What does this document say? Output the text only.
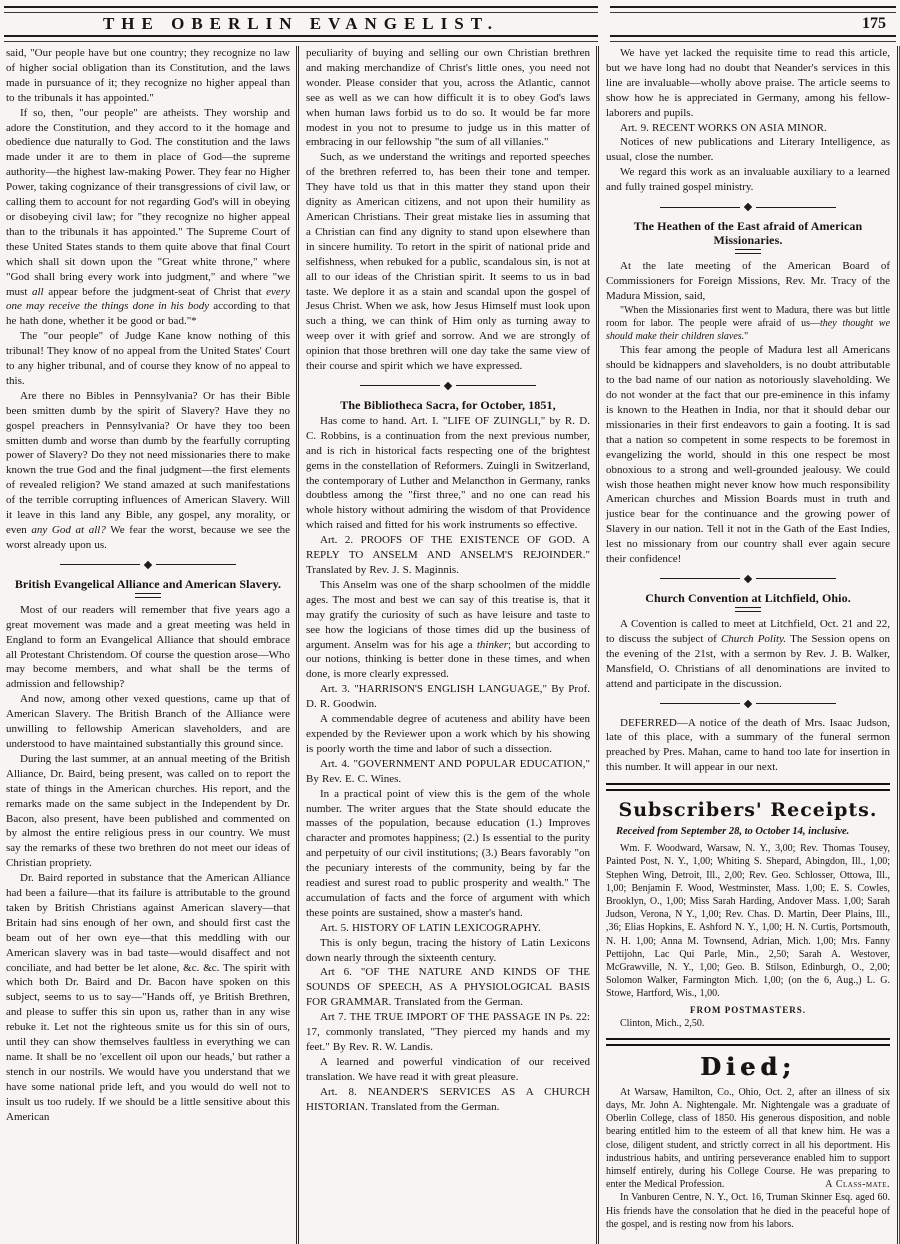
THE OBERLIN EVANGELIST.	175

said, "Our people have but one country; they recognize no law of higher social obligation than its Constitution, and the laws made in pursuance of it; they recognize no higher appeal than to the tribunals it has appointed."

If so, then, "our people" are atheists. They worship and adore the Constitution, and they accord to it the homage and obedience due naturally to God. The constitution and the laws made under it are to them in place of God—the supreme authority—the highest law-making Power. They fear no Higher Power, taking cognizance of their transgressions of civil law, or calling them to account for not regarding God's will in obeying or disobeying civil law; for "they recognize no higher appeal than to the tribunals it has appointed." The Supreme Court of these United States stands to them quite above that final Court which shall sit down upon the "Great white throne," where "God shall bring every work into judgment," and where "we must all appear before the judgment-seat of Christ that every one may receive the things done in his body according to that he hath done, whether it be good or bad."*

The "our people" of Judge Kane know nothing of this tribunal! They know of no appeal from the United States' Court to any higher tribunal, and of course they know of no appeal to this.

Are there no Bibles in Pennsylvania? Or has their Bible been smitten dumb by the spirit of Slavery? Have they no gospel preachers in Pennsylvania? Or have they too been smitten dumb and worse than dumb by the fearfully corrupting power of Slavery? Do they not need missionaries there to make known the true God and the final judgment—the first elements of revealed religion? We stand amazed at such manifestations of the terrible corrupting influences of American Slavery. Will it leave in this land any Bible, any gospel, any morality, or even any God at all? We fear the worst, because we see the worst already upon us.

British Evangelical Alliance and American Slavery.

Most of our readers will remember that five years ago a great movement was made and a great meeting was held in England to form an Evangelical Alliance that should embrace all Protestant Christendom. Of course the question arose—Who may become members, and what shall be the terms of admission and fellowship?

And now, among other vexed questions, came up that of American Slavery. The British Branch of the Alliance were unwilling to fellowship American slaveholders, and are understood to have maintained substantially this ground since.

During the last summer, at an annual meeting of the British Alliance, Dr. Baird, being present, was called on to report the state of things in the American churches. His report, and the remarks made on the same subject in the Independent by Dr. Bacon, also present, have been published and commented on by almost the entire religious press in our country. We must say the remarks of these two brethren do not meet our ideas of Christian propriety.

Dr. Baird reported in substance that the American Alliance had been a failure—that its failure is attributable to the ground taken by British Christians against American slavery—that Britain had sins enough of her own, and should first cast the beam out of her own eye—that this meddling with our American slavery was in bad taste—would disaffect and not conciliate, and had better be let alone, &c. &c. The spirit with which both Dr. Baird and Dr. Bacon have spoken on this subject, seems to us to say—"Hands off, ye British Brethren, and please to suffer this sin upon us, rather than in any wise rebuke it. Let not the righteous smite us for this sin of ours, until they can show themselves faultless in everything we can name. It shall be no 'excellent oil upon our heads,' but rather a stench in our nostrils. We would have you understand that we have some national pride left, and you would do well not to insult us too rudely. If we should be a little sensitive about this American

peculiarity of buying and selling our own Christian brethren and making merchandize of Christ's little ones, you need not wonder. Please consider that you, across the Atlantic, cannot see as well as we can how difficult it is to obey God's laws when human laws forbid us to do so. It would be far more modest in you not to presume to judge us in this matter of embracing in our fellowship "the sum of all villanies."

Such, as we understand the writings and reported speeches of the brethren referred to, has been their tone and temper. They have told us that in this matter they stand upon their dignity as American citizens, and not upon their humility as American Christians. Their great mistake lies in assuming that a Christian can find any dignity to stand upon elsewhere than in sincere humility. To retort in the spirit of national pride and selfishness, when rebuked for a public, scandalous sin, is not at all to our ideas of the Christian spirit. It seems to us in bad taste. We deplore it as a stain and scandal upon the gospel of Jesus Christ. When we ask, how Jesus Himself must look upon such a thing, we can think of Him only as turning away to weep over it with grief and sorrow. And we are strongly of opinion that those brethren will one day take the same view of their course and spirit which we have expressed.

The Bibliotheca Sacra, for October, 1851,

Has come to hand. Art. I. "LIFE OF ZUINGLI," by R. D. C. Robbins, is a continuation from the next previous number, and is rich in historical facts respecting one of the brightest gems in the constellation of Reformers. Zuingli in Switzerland, the contemporary of Luther and Melancthon in Germany, ranks doubtless among the "first three," and no one can read his whole history without admiring the wisdom of that Providence which raised and fitted for his work instruments so effective.

Art. 2. PROOFS OF THE EXISTENCE OF GOD. A REPLY TO ANSELM AND ANSELM'S REJOINDER." Translated by Rev. J. S. Maginnis.

This Anselm was one of the sharp schoolmen of the middle ages. The most and best we can say of this treatise is, that it may gratify the curiosity of such as have leisure and taste to see how the logicians of those times did up the business of argument. Anselm was for his age a thinker; but according to our notions, thinking is better done in these times, and when done, is more clearly expressed.

Art. 3. "HARRISON'S ENGLISH LANGUAGE," By Prof. D. R. Goodwin.

A commendable degree of acuteness and ability have been expended by the Reviewer upon a work which by his showing is poorly worth the time and labor of such a dissection.

Art. 4. "GOVERNMENT AND POPULAR EDUCATION," By Rev. E. C. Wines.

In a practical point of view this is the gem of the whole number. The writer argues that the State should educate the masses of the population, because education (1.) Improves character and promotes happiness; (2.) Is essential to the purity and perpetuity of our civil institutions; (3.) Bears favorably "on the pecuniary interests of the community, being by far the readiest and surest road to public prosperity and wealth." The accumulation of facts and the force of argument with which these points are sustained, show a master's hand.

Art. 5. HISTORY OF LATIN LEXICOGRAPHY.

This is only begun, tracing the history of Latin Lexicons down nearly through the sixteenth century.

Art 6. "OF THE NATURE AND KINDS OF THE SOUNDS OF SPEECH, AS A PHYSIOLOGICAL BASIS FOR GRAMMAR. Translated from the German.

Art 7. THE TRUE IMPORT OF THE PASSAGE IN Ps. 22: 17, commonly translated, "They pierced my hands and my feet." By Rev. R. W. Landis.

A learned and powerful vindication of our received translation. We have read it with great pleasure.

Art. 8. NEANDER'S SERVICES AS A CHURCH HISTORIAN. Translated from the German.

We have yet lacked the requisite time to read this article, but we have long had no doubt that Neander's services in this line are invaluable—wholly above praise. The article seems to show how he is appreciated in Germany, among his fellow-laborers and pupils.

Art. 9. RECENT WORKS ON ASIA MINOR.

Notices of new publications and Literary Intelligence, as usual, close the number.

We regard this work as an invaluable auxiliary to a learned and fully trained gospel ministry.

The Heathen of the East afraid of American Missionaries.

At the late meeting of the American Board of Commissioners for Foreign Missions, Rev. Mr. Tracy of the Madura Mission, said,

"When the Missionaries first went to Madura, there was but little room for labor. The people were afraid of us—they thought we should make their children slaves."

This fear among the people of Madura lest all Americans should be kidnappers and slaveholders, is no doubt attributable to the bad name of our nation as notoriously slaveholding. We do not wonder at the fact that our pre-eminence in this infamy is known to the Heathen in India, nor that it should debar our missionaries in their first endeavors to gain a footing. It is sad that a nation so competent in some respects to be foremost in evangelizing the world, should in this one respect be most obnoxious to a strong and well-grounded jealousy. We could wish those heathen might never know how much responsibility American churches and Mission Boards must in truth and justice bear for the continuance and the growing power of Slavery in our nation. Tell it not in the Gath of the East Indies, lest no missionary from our country shall ever again secure their confidence!

Church Convention at Litchfield, Ohio.

A Covention is called to meet at Litchfield, Oct. 21 and 22, to discuss the subject of Church Polity. The Session opens on the evening of the 21st, with a sermon by Rev. J. B. Walker, Mansfield, O. Christians of all denominations are invited to attend and participate in the discussion.

DEFERRED—A notice of the death of Mrs. Isaac Judson, late of this place, with a summary of the funeral sermon preached by Pres. Mahan, came to hand too late for insertion in this number. It will appear in our next.

Subscribers' Receipts.

Received from September 28, to October 14, inclusive.

Wm. F. Woodward, Warsaw, N. Y., 3,00; Rev. Thomas Tousey, Painted Post, N. Y., 1,00; Whiting S. Shepard, Abingdon, Ill., 1,00; Stephen Wing, Detroit, Ill., 2,00; Rev. Geo. Schlosser, Ottowa, Ill., 1,00; Benjamin F. Wood, Westminster, Mass. 1,00; E. S. Cowles, Brooklyn, O., 1,00; Miss Sarah Harding, Andover Mass. 1,00; Sarah Judson, Verona, N Y., 1,00; Rev. Chas. D. Martin, Deer Plains, Ill., ,36; Elias Hopkins, E. Ashford N. Y., 1,00; H. N. Curtis, Portsmouth, N. H. 1,00; Anna M. Townsend, Adrian, Mich. 1,00; Mrs. Fanny Pettijohn, Lac Qui Parle, Min., 2,50; Sarah A. Westover, McGrawville, N. Y., 1,00; Geo. B. Stilson, Edinburgh, O., 2,00; Solomon Walker, Farmington Mich. 1,00; (on the 6, Aug.,) L. G. Stowe, Hartford, Wis., 1,00.

FROM POSTMASTERS.

Clinton, Mich., 2,50.

Died;

At Warsaw, Hamilton, Co., Ohio, Oct. 2, after an illness of six days, Mr. John A. Nightengale. Mr. Nightengale was a graduate of Oberlin College, class of 1850. His generous disposition, and noble bearing entitled him to the esteem of all that knew him. He was a close, diligent student, and strictly correct in all his deportment. His industrious habits, and untiring perseverance enabled him to support himself entirely, during his College Course. He was preparing to enter the Medical Profession.	A Class-mate.

In Vanburen Centre, N. Y., Oct. 16, Truman Skinner Esq. aged 60. His friends have the consolation that he died in the peaceful hope of the gospel, and is resting now from his labors.
